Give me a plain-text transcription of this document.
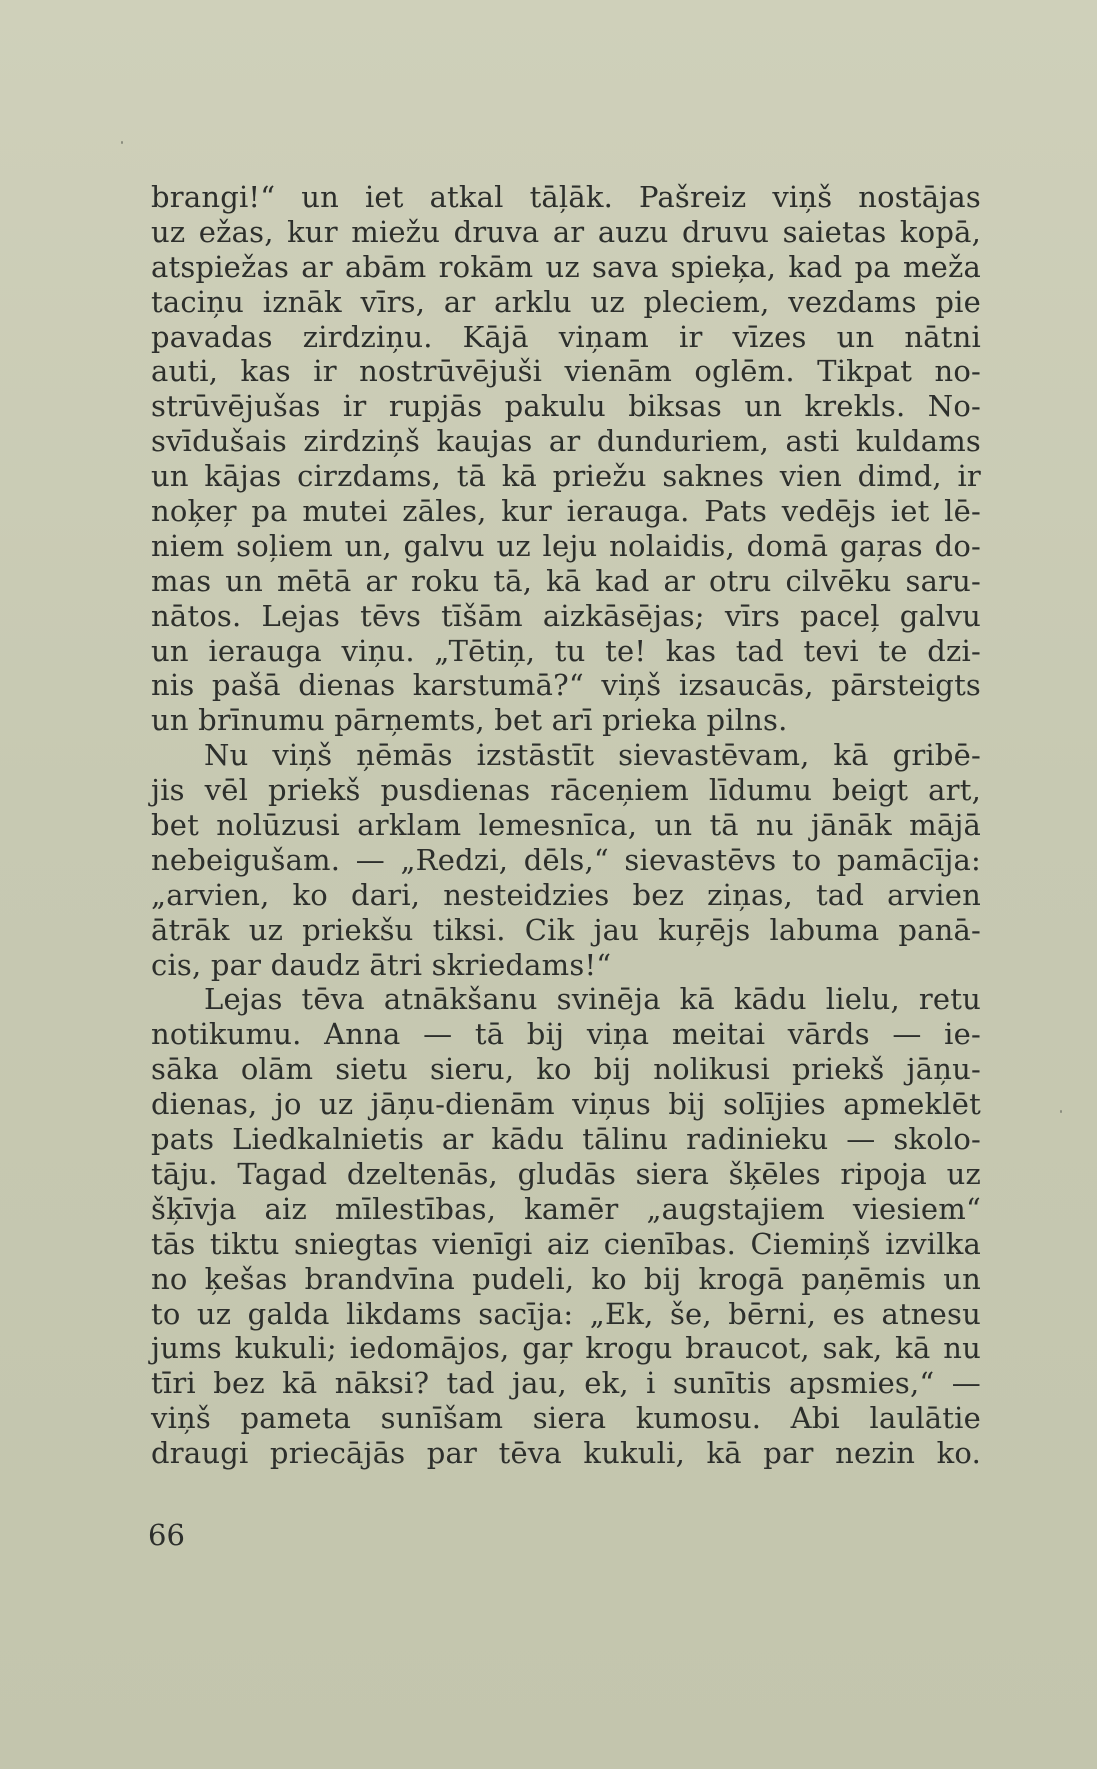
brangi!“ un iet atkal tāļāk. Pašreiz viņš nostājas
uz ežas, kur miežu druva ar auzu druvu saietas kopā,
atspiežas ar abām rokām uz sava spieķa, kad pa meža
taciņu iznāk vīrs, ar arklu uz pleciem, vezdams pie
pavadas zirdziņu. Kājā viņam ir vīzes un nātni
auti, kas ir nostrūvējuši vienām oglēm. Tikpat no-
strūvējušas ir rupjās pakulu biksas un krekls. No-
svīdušais zirdziņš kaujas ar dunduriem, asti kuldams
un kājas cirzdams, tā kā priežu saknes vien dimd, ir
noķeŗ pa mutei zāles, kur ierauga. Pats vedējs iet lē-
niem soļiem un, galvu uz leju nolaidis, domā gaŗas do-
mas un mētā ar roku tā, kā kad ar otru cilvēku saru-
nātos. Lejas tēvs tīšām aizkāsējas; vīrs paceļ galvu
un ierauga viņu. „Tētiņ, tu te! kas tad tevi te dzi-
nis pašā dienas karstumā?“ viņš izsaucās, pārsteigts
un brīnumu pārņemts, bet arī prieka pilns.
Nu viņš ņēmās izstāstīt sievastēvam, kā gribē-
jis vēl priekš pusdienas rāceņiem līdumu beigt art,
bet nolūzusi arklam lemesnīca, un tā nu jānāk mājā
nebeigušam. — „Redzi, dēls,“ sievastēvs to pamācīja:
„arvien, ko dari, nesteidzies bez ziņas, tad arvien
ātrāk uz priekšu tiksi. Cik jau kuŗējs labuma panā-
cis, par daudz ātri skriedams!“
Lejas tēva atnākšanu svinēja kā kādu lielu, retu
notikumu. Anna — tā bij viņa meitai vārds — ie-
sāka olām sietu sieru, ko bij nolikusi priekš jāņu-
dienas, jo uz jāņu-dienām viņus bij solījies apmeklēt
pats Liedkalnietis ar kādu tālinu radinieku — skolo-
tāju. Tagad dzeltenās, gludās siera šķēles ripoja uz
šķīvja aiz mīlestības, kamēr „augstajiem viesiem“
tās tiktu sniegtas vienīgi aiz cienības. Ciemiņš izvilka
no ķešas brandvīna pudeli, ko bij krogā paņēmis un
to uz galda likdams sacīja: „Ek, še, bērni, es atnesu
jums kukuli; iedomājos, gaŗ krogu braucot, sak, kā nu
tīri bez kā nāksi? tad jau, ek, i sunītis apsmies,“ —
viņš pameta sunīšam siera kumosu. Abi laulātie
draugi priecājās par tēva kukuli, kā par nezin ko.
66
